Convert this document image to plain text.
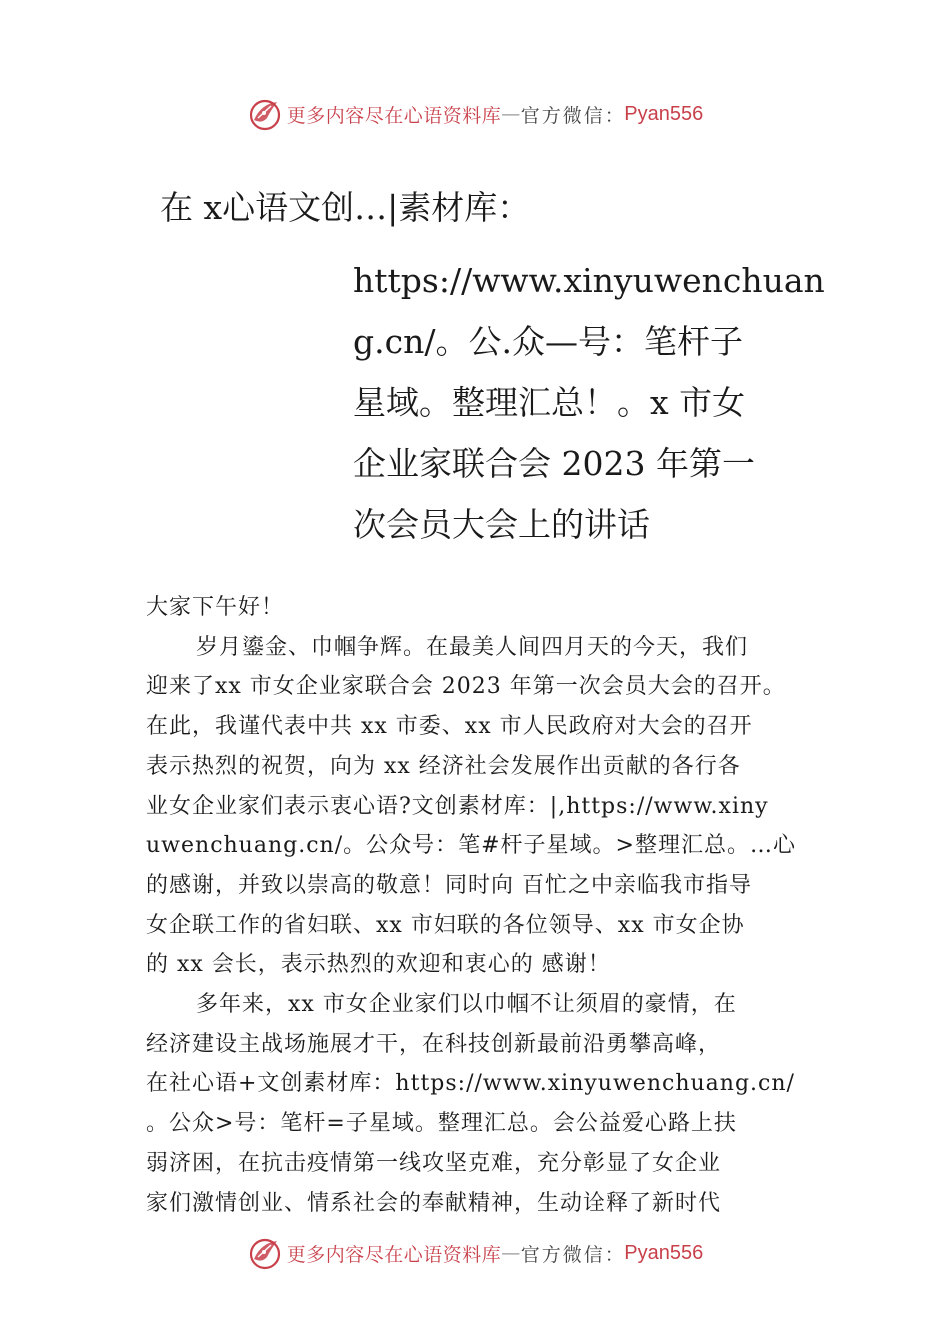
更多内容尽在心语资料库 — 官方微信 ： Pyan556
在 x心语文创…|素材库：
https://www.xinyuwenchuan
g.cn/。公.众—号：笔杆子
星域。整理汇总！。x 市女
企业家联合会 2023 年第一
次会员大会上的讲话
大家下午好！
岁月鎏金、巾帼争辉。在最美人间四月天的今天，我们
迎来了xx 市女企业家联合会 2023 年第一次会员大会的召开。
在此，我谨代表中共 xx 市委、xx 市人民政府对大会的召开
表示热烈的祝贺，向为 xx 经济社会发展作出贡献的各行各
业女企业家们表示衷心语?文创素材库：|,https://www.xiny
uwenchuang.cn/。公众号：笔#杆子星域。>整理汇总。…心
的感谢，并致以崇高的敬意！同时向 百忙之中亲临我市指导
女企联工作的省妇联、xx 市妇联的各位领导、xx 市女企协
的 xx 会长，表示热烈的欢迎和衷心的 感谢！
多年来，xx 市女企业家们以巾帼不让须眉的豪情，在
经济建设主战场施展才干，在科技创新最前沿勇攀高峰，
在社心语+文创素材库：https://www.xinyuwenchuang.cn/
。公众>号：笔杆=子星域。整理汇总。会公益爱心路上扶
弱济困，在抗击疫情第一线攻坚克难，充分彰显了女企业
家们激情创业、情系社会的奉献精神，生动诠释了新时代
更多内容尽在心语资料库 — 官方微信 ： Pyan556
